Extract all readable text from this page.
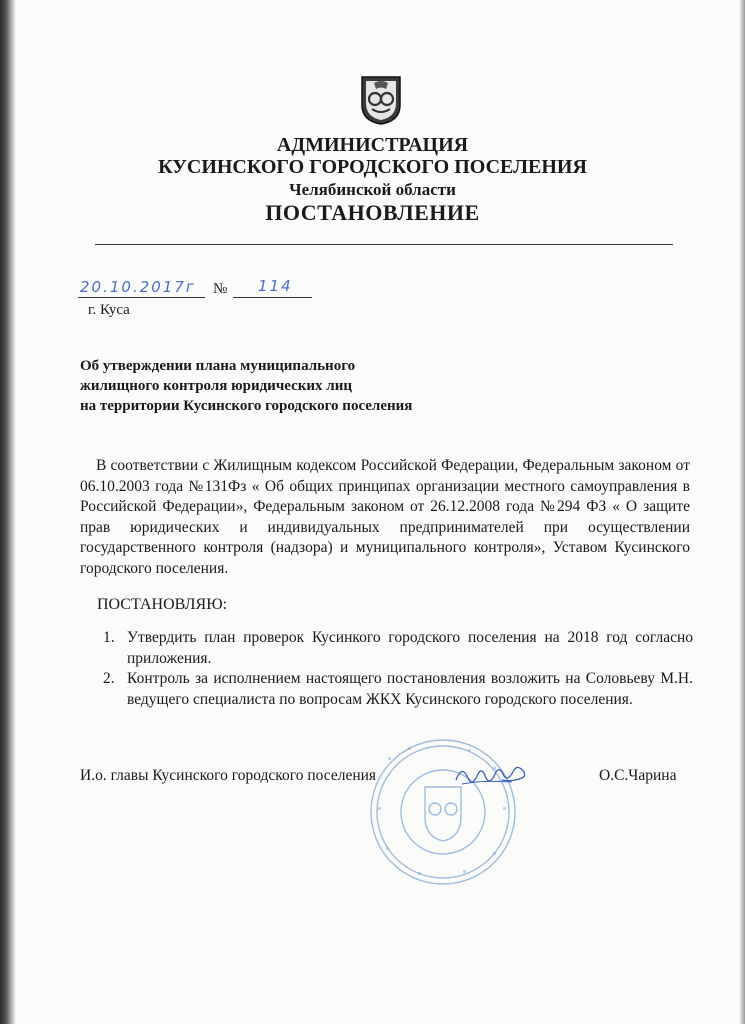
АДМИНИСТРАЦИЯ
КУСИНСКОГО ГОРОДСКОГО ПОСЕЛЕНИЯ
Челябинской области
ПОСТАНОВЛЕНИЕ
20.10.2017г № 114
г. Куса
Об утверждении плана муниципального
жилищного контроля юридических лиц
на территории Кусинского городского поселения
В соответствии с Жилищным кодексом Российской Федерации, Федеральным законом от 06.10.2003 года №131Фз « Об общих принципах организации местного самоуправления в Российской Федерации», Федеральным законом от 26.12.2008 года №294 ФЗ « О защите прав юридических и индивидуальных предпринимателей при осуществлении государственного контроля (надзора) и муниципального контроля», Уставом Кусинского городского поселения.
ПОСТАНОВЛЯЮ:
1. Утвердить план проверок Кусинкого городского поселения на 2018 год согласно приложения.
2. Контроль за исполнением настоящего постановления возложить на Соловьеву М.Н. ведущего специалиста по вопросам ЖКХ Кусинского городского поселения.
И.о. главы Кусинского городского поселения	О.С.Чарина
